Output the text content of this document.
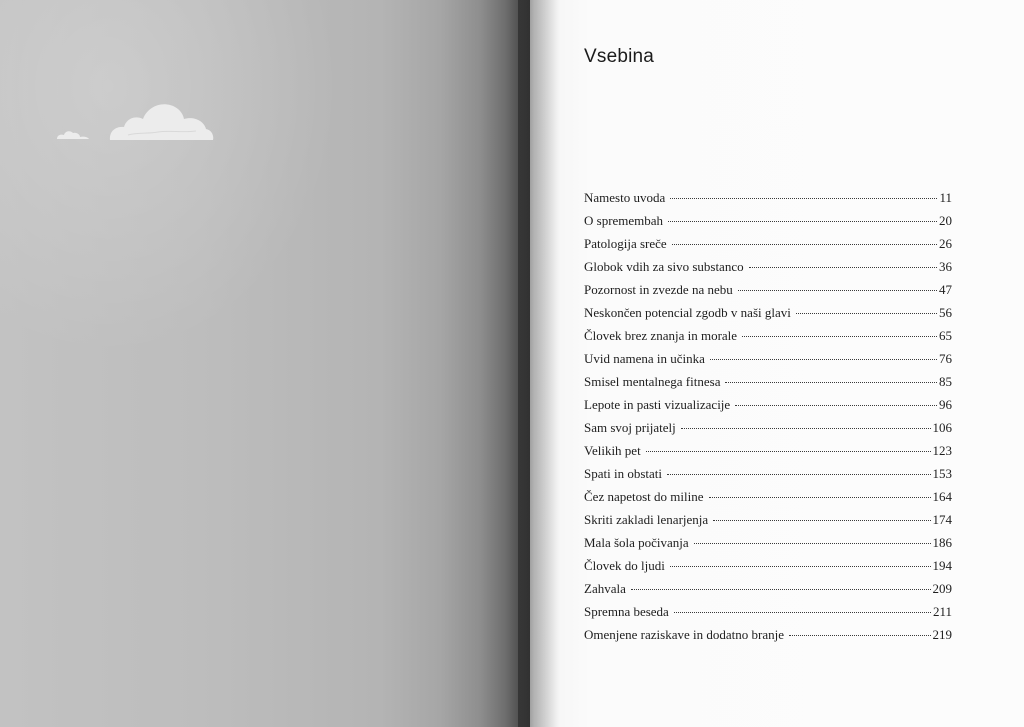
Vsebina
Namesto uvoda	11
O spremembah	20
Patologija sreče	26
Globok vdih za sivo substanco	36
Pozornost in zvezde na nebu	47
Neskončen potencial zgodb v naši glavi	56
Človek brez znanja in morale	65
Uvid namena in učinka	76
Smisel mentalnega fitnesa	85
Lepote in pasti vizualizacije	96
Sam svoj prijatelj	106
Velikih pet	123
Spati in obstati	153
Čez napetost do miline	164
Skriti zakladi lenarjenja	174
Mala šola počivanja	186
Človek do ljudi	194
Zahvala	209
Spremna beseda	211
Omenjene raziskave in dodatno branje	219
